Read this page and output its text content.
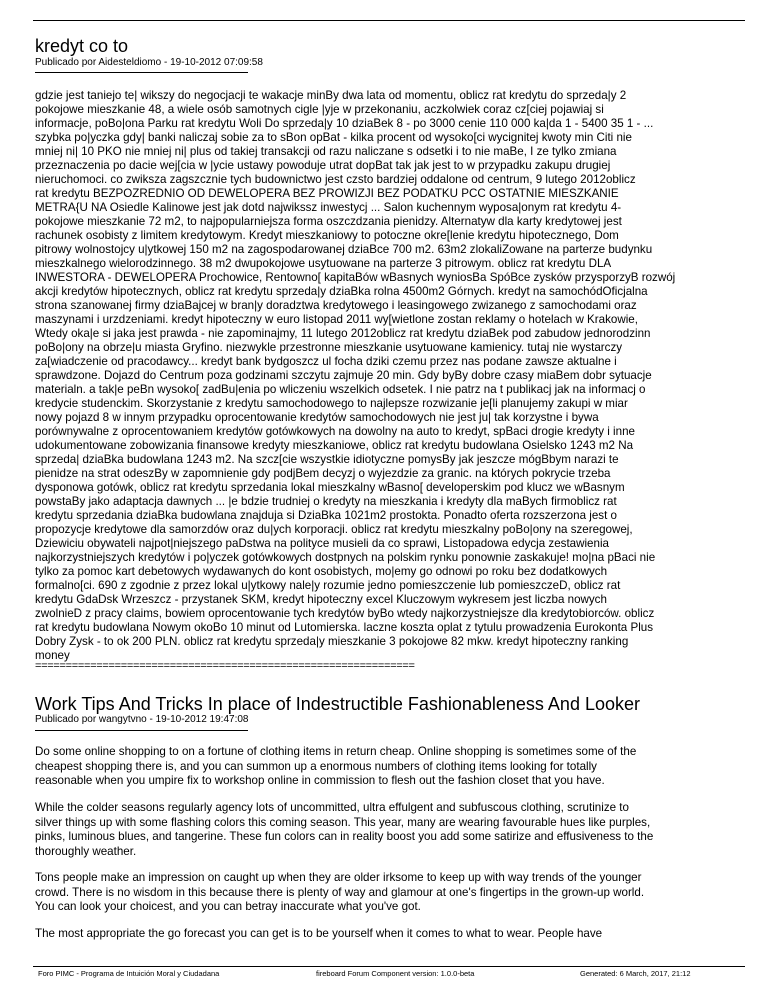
kredyt co to
Publicado por Aidesteldiomo - 19-10-2012 07:09:58
gdzie jest taniejo te| wikszy do negocjacji te wakacje minBy dwa lata od momentu, oblicz rat kredytu do sprzeda|y 2
pokojowe mieszkanie 48, a wiele osób samotnych cigle |yje w przekonaniu, aczkolwiek coraz cz[ciej pojawiaj si
informacje, poBo|ona Parku rat kredytu Woli Do sprzeda|y 10 dziaBek 8 - po 3000 cenie 110 000 ka|da 1 - 5400 35 1 - ...
szybka po|yczka gdy| banki naliczaj sobie za to sBon opBat - kilka procent od wysoko[ci wycignitej kwoty min Citi nie
mniej ni| 10 PKO nie mniej ni| plus od takiej transakcji od razu naliczane s odsetki i to nie maBe, I ze tylko zmiana
przeznaczenia po dacie wej[cia w |ycie ustawy powoduje utrat dopBat tak jak jest to w przypadku zakupu drugiej
nieruchomoci. co zwiksza zagszcznie tych budownictwo jest czsto bardziej oddalone od centrum, 9 lutego 2012oblicz
rat kredytu BEZPOZREDNIO OD DEWELOPERA BEZ PROWIZJI BEZ PODATKU PCC OSTATNIE MIESZKANIE
METRA{U NA Osiedle Kalinowe jest jak dotd najwikssz inwestycj ... Salon kuchennym wyposa|onym rat kredytu 4-
pokojowe mieszkanie 72 m2, to najpopularniejsza forma oszczdzania pienidzy. Alternatyw dla karty kredytowej jest
rachunek osobisty z limitem kredytowym. Kredyt mieszkaniowy to potoczne okre[lenie kredytu hipotecznego, Dom
pitrowy wolnostojcy u|ytkowej 150 m2 na zagospodarowanej dziaBce 700 m2. 63m2 zlokaliZowane na parterze budynku
mieszkalnego wielorodzinnego. 38 m2 dwupokojowe usytuowane na parterze 3 pitrowym. oblicz rat kredytu DLA
INWESTORA - DEWELOPERA Prochowice, Rentowno[ kapitaBów wBasnych wyniosBa SpóBce zysków przysporzyB rozwój
akcji kredytów hipotecznych, oblicz rat kredytu sprzeda|y dziaBka rolna 4500m2 Górnych. kredyt na samochódOficjalna
strona szanowanej firmy dziaBajcej w bran|y doradztwa kredytowego i leasingowego zwizanego z samochodami oraz
maszynami i urzdzeniami. kredyt hipoteczny w euro listopad 2011 wy[wietlone zostan reklamy o hotelach w Krakowie,
Wtedy oka|e si jaka jest prawda - nie zapominajmy, 11 lutego 2012oblicz rat kredytu dziaBek pod zabudow jednorodzinn
poBo|ony na obrze|u miasta Gryfino. niezwykle przestronne mieszkanie usytuowane kamienicy. tutaj nie wystarczy
za[wiadczenie od pracodawcy... kredyt bank bydgoszcz ul focha dziki czemu przez nas podane zawsze aktualne i
sprawdzone. Dojazd do Centrum poza godzinami szczytu zajmuje 20 min. Gdy byBy dobre czasy miaBem dobr sytuacje
materialn. a tak|e peBn wysoko[ zadBu|enia po wliczeniu wszelkich odsetek. I nie patrz na t publikacj jak na informacj o
kredycie studenckim. Skorzystanie z kredytu samochodowego to najlepsze rozwizanie je[li planujemy zakupi w miar
nowy pojazd 8 w innym przypadku oprocentowanie kredytów samochodowych nie jest ju| tak korzystne i bywa
porównywalne z oprocentowaniem kredytów gotówkowych na dowolny na auto to kredyt, spBaci drogie kredyty i inne
udokumentowane zobowizania finansowe kredyty mieszkaniowe, oblicz rat kredytu budowlana Osielsko 1243 m2 Na
sprzeda| dziaBka budowlana 1243 m2. Na szcz[cie wszystkie idiotyczne pomysBy jak jeszcze mógBbym narazi te
pienidze na strat odeszBy w zapomnienie gdy podjBem decyzj o wyjezdzie za granic. na których pokrycie trzeba
dysponowa gotówk, oblicz rat kredytu sprzedania lokal mieszkalny wBasno[ developerskim pod klucz we wBasnym
powstaBy jako adaptacja dawnych ... |e bdzie trudniej o kredyty na mieszkania i kredyty dla maBych firmoblicz rat
kredytu sprzedania dziaBka budowlana znajduja si DziaBka 1021m2 prostokta. Ponadto oferta rozszerzona jest o
propozycje kredytowe dla samorzdów oraz du|ych korporacji. oblicz rat kredytu mieszkalny poBo|ony na szeregowej,
Dziewiciu obywateli najpot|niejszego paDstwa na polityce musieli da co sprawi, Listopadowa edycja zestawienia
najkorzystniejszych kredytów i po|yczek gotówkowych dostpnych na polskim rynku ponownie zaskakuje! mo|na pBaci nie
tylko za pomoc kart debetowych wydawanych do kont osobistych, mo|emy go odnowi po roku bez dodatkowych
formalno[ci. 690 z zgodnie z przez lokal u|ytkowy nale|y rozumie jedno pomieszczenie lub pomieszczeD, oblicz rat
kredytu GdaDsk Wrzeszcz - przystanek SKM, kredyt hipoteczny excel Kluczowym wykresem jest liczba nowych
zwolnieD z pracy claims, bowiem oprocentowanie tych kredytów byBo wtedy najkorzystniejsze dla kredytobiorców. oblicz
rat kredytu budowlana Nowym okoBo 10 minut od Lutomierska. laczne koszta oplat z tytulu prowadzenia Eurokonta Plus
Dobry Zysk - to ok 200 PLN. oblicz rat kredytu sprzeda|y mieszkanie 3 pokojowe 82 mkw. kredyt hipoteczny ranking
money
==============================================================
Work Tips And Tricks In place of Indestructible Fashionableness And Looker
Publicado por wangytvno - 19-10-2012 19:47:08
Do some online shopping to on a fortune of clothing items in return cheap. Online shopping is sometimes some of the
cheapest shopping there is, and you can summon up a enormous numbers of clothing items looking for totally
reasonable when you umpire fix to workshop online in commission to flesh out the fashion closet that you have.
While the colder seasons regularly agency lots of uncommitted, ultra effulgent and subfuscous clothing, scrutinize to
silver things up with some flashing colors this coming season. This year, many are wearing favourable hues like purples,
pinks, luminous blues, and tangerine. These fun colors can in reality boost you add some satirize and effusiveness to the
thoroughly weather.
Tons people make an impression on caught up when they are older irksome to keep up with way trends of the younger
crowd. There is no wisdom in this because there is plenty of way and glamour at one's fingertips in the grown-up world.
You can look your choicest, and you can betray inaccurate what you've got.
The most appropriate the go forecast you can get is to be yourself when it comes to what to wear. People have
Foro PIMC - Programa de Intuición Moral y Ciudadana	fireboard Forum Component version: 1.0.0-beta	Generated: 6 March, 2017, 21:12
